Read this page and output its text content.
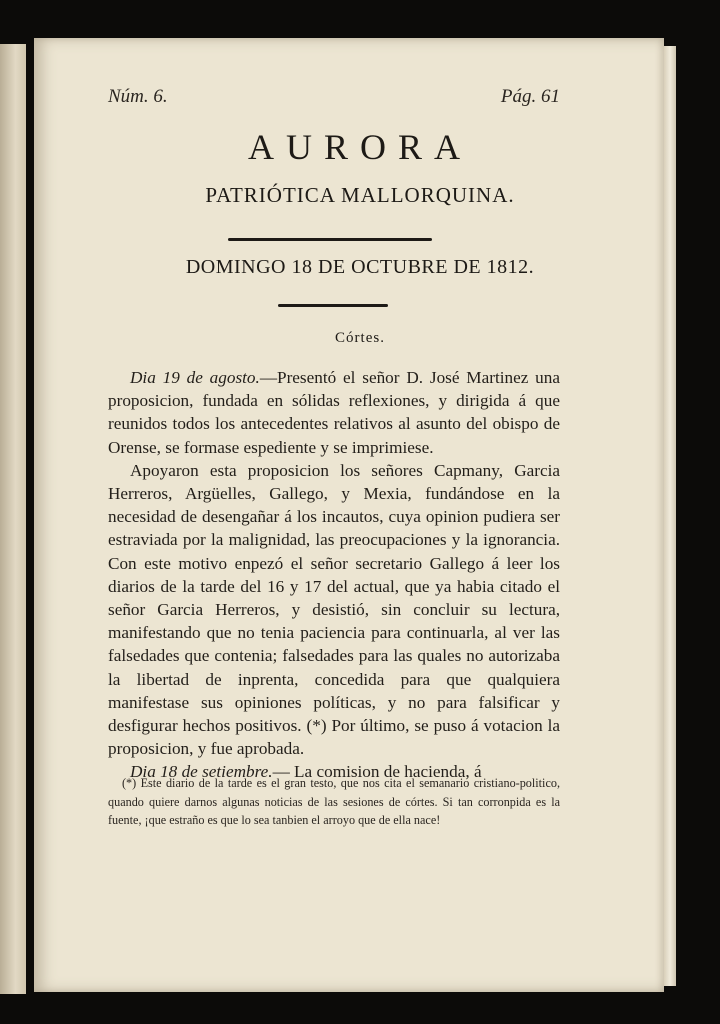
Núm. 6.	Pág. 61
AURORA
PATRIÓTICA MALLORQUINA.
DOMINGO 18 DE OCTUBRE DE 1812.
Córtes.

Dia 19 de agosto.—Presentó el señor D. José Martinez una proposicion, fundada en sólidas reflexiones, y dirigida á que reunidos todos los antecedentes relativos al asunto del obispo de Orense, se formase espediente y se imprimiese.

Apoyaron esta proposicion los señores Capmany, Garcia Herreros, Argüelles, Gallego, y Mexia, fundándose en la necesidad de desengañar á los incautos, cuya opinion pudiera ser estraviada por la malignidad, las preocupaciones y la ignorancia. Con este motivo enpezó el señor secretario Gallego á leer los diarios de la tarde del 16 y 17 del actual, que ya habia citado el señor Garcia Herreros, y desistió, sin concluir su lectura, manifestando que no tenia paciencia para continuarla, al ver las falsedades que contenia; falsedades para las quales no autorizaba la libertad de inprenta, concedida para que qualquiera manifestase sus opiniones políticas, y no para falsificar y desfigurar hechos positivos. (*) Por último, se puso á votacion la proposicion, y fue aprobada.

Dia 18 de setiembre.— La comision de hacienda, á

(*) Este diario de la tarde es el gran testo, que nos cita el semanario cristiano-politico, quando quiere darnos algunas noticias de las sesiones de córtes. Si tan corronpida es la fuente, ¡que estraño es que lo sea tanbien el arroyo que de ella nace!
